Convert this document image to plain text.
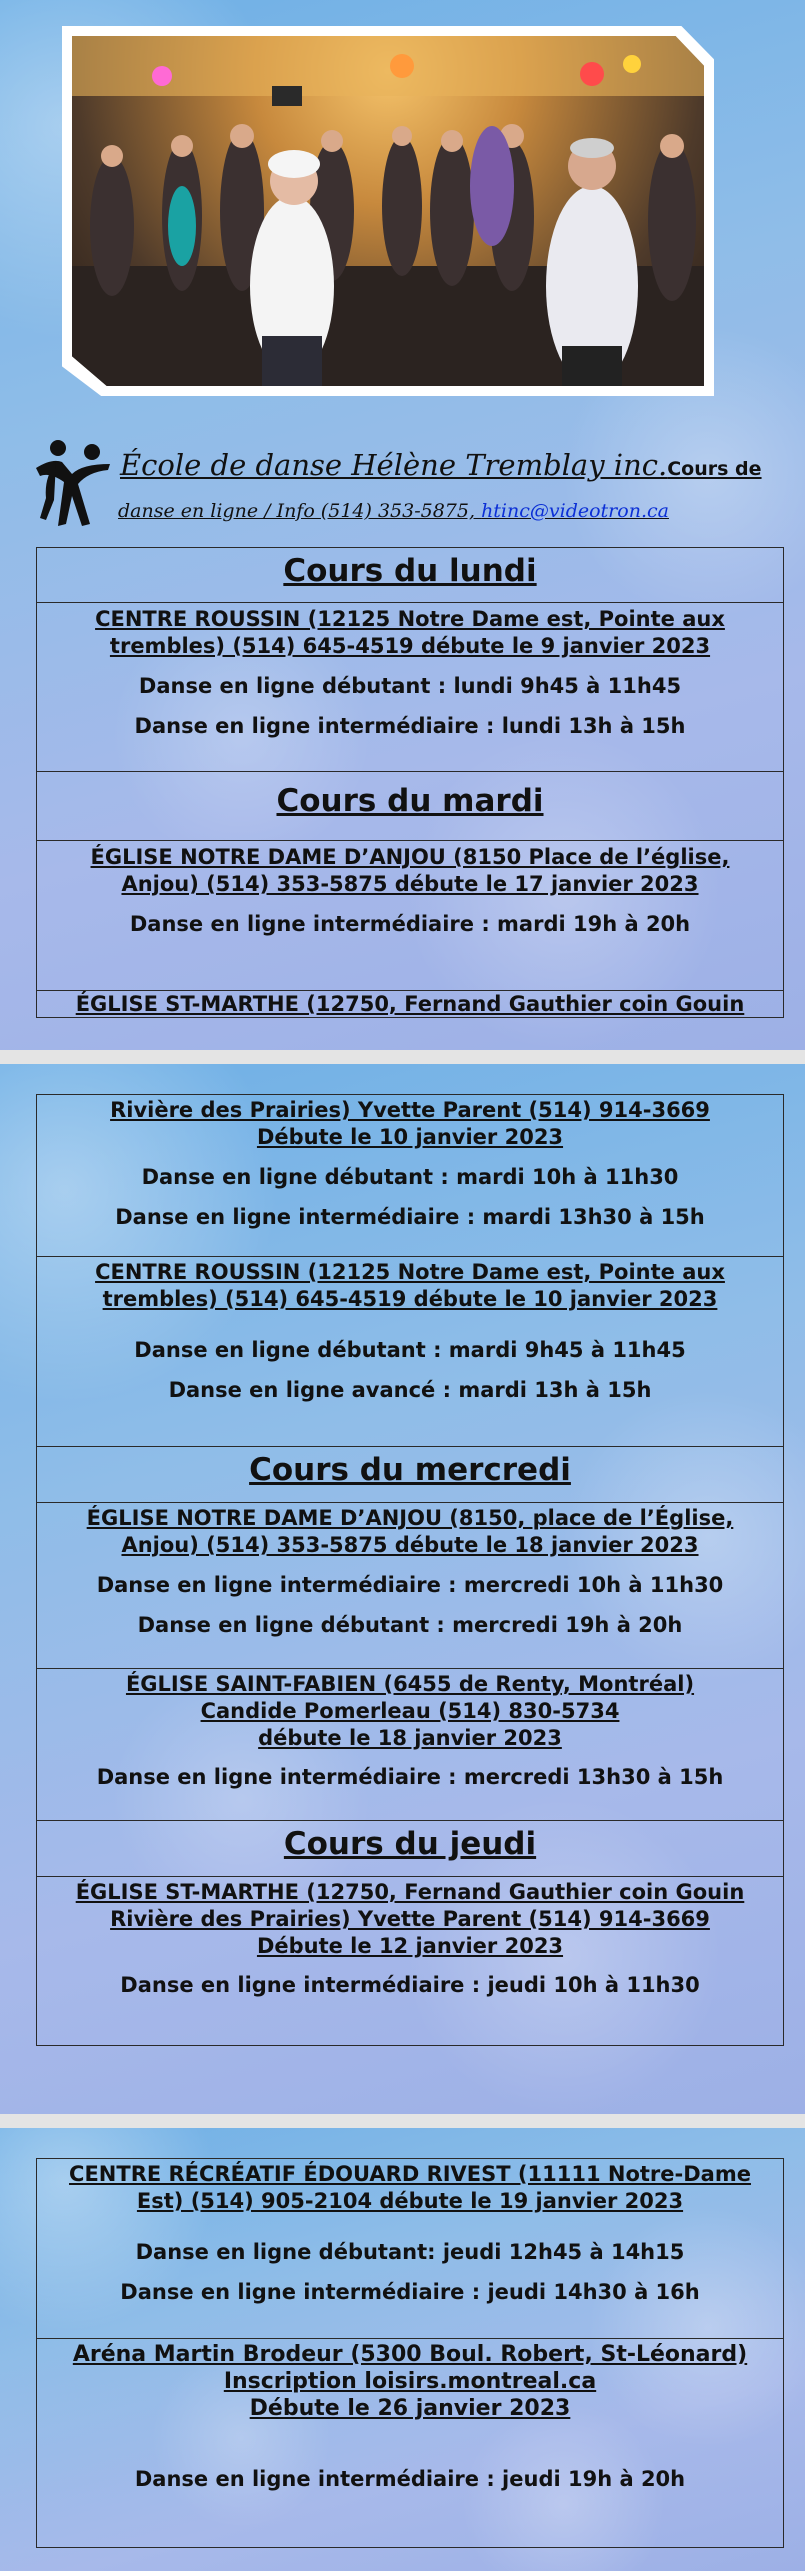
École de danse Hélène Tremblay inc.Cours de
danse en ligne / Info (514) 353-5875, htinc@videotron.ca
Cours du lundi
CENTRE ROUSSIN (12125 Notre Dame est, Pointe aux
trembles) (514) 645-4519 débute le 9 janvier 2023
Danse en ligne débutant : lundi 9h45 à 11h45
Danse en ligne intermédiaire : lundi 13h à 15h
Cours du mardi
ÉGLISE NOTRE DAME D’ANJOU (8150 Place de l’église,
Anjou) (514) 353-5875 débute le 17 janvier 2023
Danse en ligne intermédiaire : mardi 19h à 20h
ÉGLISE ST-MARTHE (12750, Fernand Gauthier coin Gouin
Rivière des Prairies) Yvette Parent (514) 914-3669
Débute le 10 janvier 2023
Danse en ligne débutant : mardi 10h à 11h30
Danse en ligne intermédiaire : mardi 13h30 à 15h
CENTRE ROUSSIN (12125 Notre Dame est, Pointe aux
trembles) (514) 645-4519 débute le 10 janvier 2023
Danse en ligne débutant : mardi 9h45 à 11h45
Danse en ligne avancé : mardi 13h à 15h
Cours du mercredi
ÉGLISE NOTRE DAME D’ANJOU (8150, place de l’Église,
Anjou) (514) 353-5875 débute le 18 janvier 2023
Danse en ligne intermédiaire : mercredi 10h à 11h30
Danse en ligne débutant : mercredi 19h à 20h
ÉGLISE SAINT-FABIEN (6455 de Renty, Montréal)
Candide Pomerleau (514) 830-5734
débute le 18 janvier 2023
Danse en ligne intermédiaire : mercredi 13h30 à 15h
Cours du jeudi
ÉGLISE ST-MARTHE (12750, Fernand Gauthier coin Gouin
Rivière des Prairies) Yvette Parent (514) 914-3669
Débute le 12 janvier 2023
Danse en ligne intermédiaire : jeudi 10h à 11h30
CENTRE RÉCRÉATIF ÉDOUARD RIVEST (11111 Notre-Dame
Est) (514) 905-2104 débute le 19 janvier 2023
Danse en ligne débutant: jeudi 12h45 à 14h15
Danse en ligne intermédiaire : jeudi 14h30 à 16h
Aréna Martin Brodeur (5300 Boul. Robert, St-Léonard)
Inscription loisirs.montreal.ca
Débute le 26 janvier 2023
Danse en ligne intermédiaire : jeudi 19h à 20h
